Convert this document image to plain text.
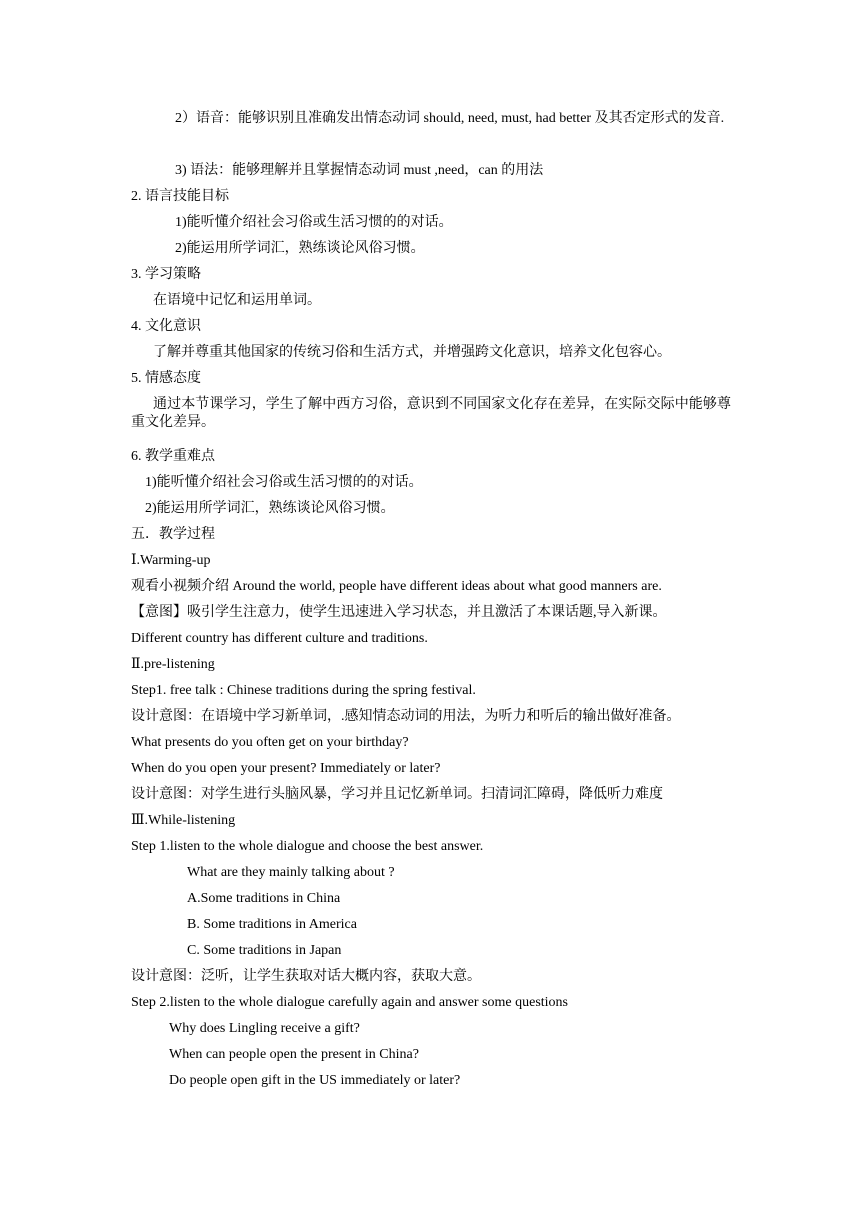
2）语音：能够识别且准确发出情态动词 should, need, must, had better 及其否定形式的发音.
3) 语法：能够理解并且掌握情态动词 must ,need，can 的用法
2. 语言技能目标
1)能听懂介绍社会习俗或生活习惯的的对话。
2)能运用所学词汇，熟练谈论风俗习惯。
3. 学习策略
在语境中记忆和运用单词。
4. 文化意识
了解并尊重其他国家的传统习俗和生活方式，并增强跨文化意识，培养文化包容心。
5. 情感态度
通过本节课学习，学生了解中西方习俗，意识到不同国家文化存在差异，在实际交际中能够尊重文化差异。
6. 教学重难点
1)能听懂介绍社会习俗或生活习惯的的对话。
2)能运用所学词汇，熟练谈论风俗习惯。
五．教学过程
Ⅰ.Warming-up
观看小视频介绍 Around the world, people have different ideas about what good manners are.
【意图】吸引学生注意力，使学生迅速进入学习状态，并且激活了本课话题,导入新课。
Different country has different culture and traditions.
Ⅱ.pre-listening
Step1. free talk : Chinese traditions during the spring festival.
设计意图：在语境中学习新单词，.感知情态动词的用法，为听力和听后的输出做好准备。
What presents do you often get on your birthday?
When do you open your present? Immediately or later?
设计意图：对学生进行头脑风暴，学习并且记忆新单词。扫清词汇障碍，降低听力难度
Ⅲ.While-listening
Step 1.listen to the whole dialogue and choose the best answer.
What are they mainly talking about ?
A.Some traditions in China
B. Some traditions in America
C. Some traditions in Japan
设计意图：泛听，让学生获取对话大概内容，获取大意。
Step 2.listen to the whole dialogue carefully again and answer some questions
Why does Lingling receive a gift?
When can people open the present in China?
Do people open gift in the US immediately or later?
